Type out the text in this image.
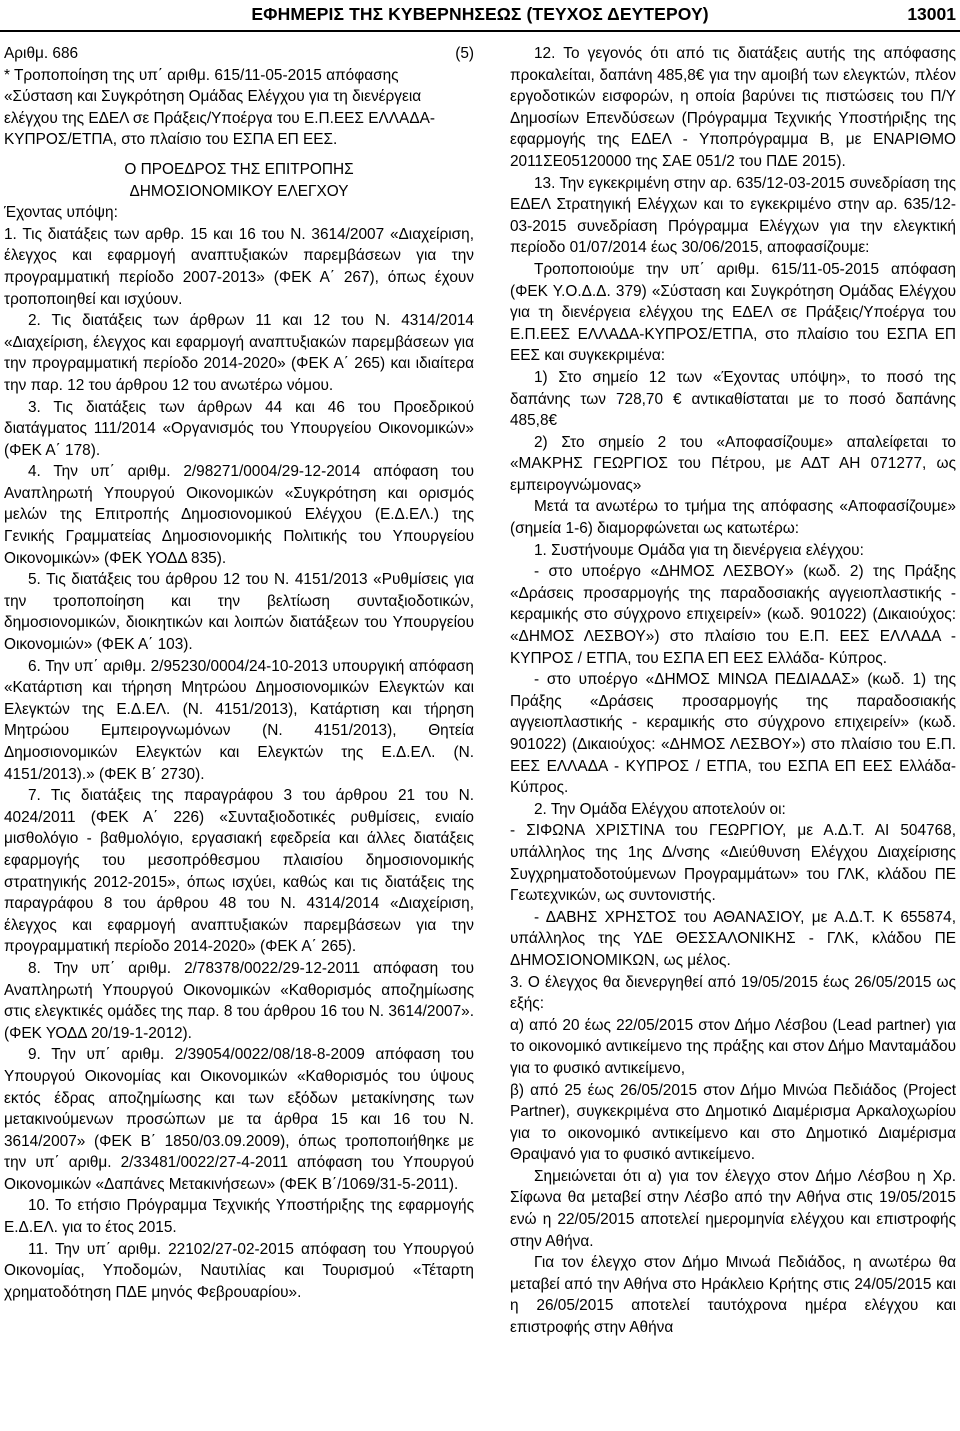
ΕΦΗΜΕΡΙΣ ΤΗΣ ΚΥΒΕΡΝΗΣΕΩΣ (ΤΕΥΧΟΣ ΔΕΥΤΕΡΟΥ)	13001

Αριθμ. 686	(5)

* Τροποποίηση της υπ΄ αριθμ. 615/11-05-2015 απόφασης «Σύσταση και Συγκρότηση Ομάδας Ελέγχου για τη διενέργεια ελέγχου της ΕΔΕΛ σε Πράξεις/Υποέργα του Ε.Π.ΕΕΣ ΕΛΛΑΔΑ-ΚΥΠΡΟΣ/ΕΤΠΑ, στο πλαίσιο του ΕΣΠΑ ΕΠ ΕΕΣ.

Ο ΠΡΟΕΔΡΟΣ ΤΗΣ ΕΠΙΤΡΟΠΗΣ

ΔΗΜΟΣΙΟΝΟΜΙΚΟΥ ΕΛΕΓΧΟΥ

Έχοντας υπόψη:

1. Τις διατάξεις των αρθρ. 15 και 16 του Ν. 3614/2007 «Διαχείριση, έλεγχος και εφαρμογή αναπτυξιακών παρεμβάσεων για την προγραμματική περίοδο 2007-2013» (ΦΕΚ Α΄ 267), όπως έχουν τροποποιηθεί και ισχύουν.

2. Τις διατάξεις των άρθρων 11 και 12 του Ν. 4314/2014 «Διαχείριση, έλεγχος και εφαρμογή αναπτυξιακών παρεμβάσεων για την προγραμματική περίοδο 2014-2020» (ΦΕΚ Α΄ 265) και ιδιαίτερα την παρ. 12 του άρθρου 12 του ανωτέρω νόμου.

3. Τις διατάξεις των άρθρων 44 και 46 του Προεδρικού διατάγματος 111/2014 «Οργανισμός του Υπουργείου Οικονομικών» (ΦΕΚ Α΄ 178).

4. Την υπ΄ αριθμ. 2/98271/0004/29-12-2014 απόφαση του Αναπληρωτή Υπουργού Οικονομικών «Συγκρότηση και ορισμός μελών της Επιτροπής Δημοσιονομικού Ελέγχου (Ε.Δ.ΕΛ.) της Γενικής Γραμματείας Δημοσιονομικής Πολιτικής του Υπουργείου Οικονομικών» (ΦΕΚ ΥΟΔΔ 835).

5. Τις διατάξεις του άρθρου 12 του Ν. 4151/2013 «Ρυθμίσεις για την τροποποίηση και την βελτίωση συνταξιοδοτικών, δημοσιονομικών, διοικητικών και λοιπών διατάξεων του Υπουργείου Οικονομιών» (ΦΕΚ Α΄ 103).

6. Την υπ΄ αριθμ. 2/95230/0004/24-10-2013 υπουργική απόφαση «Κατάρτιση και τήρηση Μητρώου Δημοσιονομικών Ελεγκτών και Ελεγκτών της Ε.Δ.ΕΛ. (Ν. 4151/2013), Κατάρτιση και τήρηση Μητρώου Εμπειρογνωμόνων (Ν. 4151/2013), Θητεία Δημοσιονομικών Ελεγκτών και Ελεγκτών της Ε.Δ.ΕΛ. (Ν. 4151/2013).» (ΦΕΚ Β΄ 2730).

7. Τις διατάξεις της παραγράφου 3 του άρθρου 21 του Ν. 4024/2011 (ΦΕΚ Α΄ 226) «Συνταξιοδοτικές ρυθμίσεις, ενιαίο μισθολόγιο - βαθμολόγιο, εργασιακή εφεδρεία και άλλες διατάξεις εφαρμογής του μεσοπρόθεσμου πλαισίου δημοσιονομικής στρατηγικής 2012-2015», όπως ισχύει, καθώς και τις διατάξεις της παραγράφου 8 του άρθρου 48 του Ν. 4314/2014 «Διαχείριση, έλεγχος και εφαρμογή αναπτυξιακών παρεμβάσεων για την προγραμματική περίοδο 2014-2020» (ΦΕΚ Α΄ 265).

8. Την υπ΄ αριθμ. 2/78378/0022/29-12-2011 απόφαση του Αναπληρωτή Υπουργού Οικονομικών «Καθορισμός αποζημίωσης στις ελεγκτικές ομάδες της παρ. 8 του άρθρου 16 του Ν. 3614/2007». (ΦΕΚ ΥΟΔΔ 20/19-1-2012).

9. Την υπ΄ αριθμ. 2/39054/0022/08/18-8-2009 απόφαση του Υπουργού Οικονομίας και Οικονομικών «Καθορισμός του ύψους εκτός έδρας αποζημίωσης και των εξόδων μετακίνησης των μετακινούμενων προσώπων με τα άρθρα 15 και 16 του Ν. 3614/2007» (ΦΕΚ Β΄ 1850/03.09.2009), όπως τροποποιήθηκε με την υπ΄ αριθμ. 2/33481/0022/27-4-2011 απόφαση του Υπουργού Οικονομικών «Δαπάνες Μετακινήσεων» (ΦΕΚ Β΄/1069/31-5-2011).

10. Το ετήσιο Πρόγραμμα Τεχνικής Υποστήριξης της εφαρμογής Ε.Δ.ΕΛ. για το έτος 2015.

11. Την υπ΄ αριθμ. 22102/27-02-2015 απόφαση του Υπουργού Οικονομίας, Υποδομών, Ναυτιλίας και Τουρισμού «Τέταρτη χρηματοδότηση ΠΔΕ μηνός Φεβρουαρίου».

12. Το γεγονός ότι από τις διατάξεις αυτής της απόφασης προκαλείται, δαπάνη 485,8€ για την αμοιβή των ελεγκτών, πλέον εργοδοτικών εισφορών, η οποία βαρύνει τις πιστώσεις του Π/Υ Δημοσίων Επενδύσεων (Πρόγραμμα Τεχνικής Υποστήριξης της εφαρμογής της ΕΔΕΛ - Υποπρόγραμμα Β, με ΕΝΑΡΙΘΜΟ 2011ΣΕ05120000 της ΣΑΕ 051/2 του ΠΔΕ 2015).

13. Την εγκεκριμένη στην αρ. 635/12-03-2015 συνεδρίαση της ΕΔΕΛ Στρατηγική Ελέγχων και το εγκεκριμένο στην αρ. 635/12-03-2015 συνεδρίαση Πρόγραμμα Ελέγχων για την ελεγκτική περίοδο 01/07/2014 έως 30/06/2015, αποφασίζουμε:

Τροποποιούμε την υπ΄ αριθμ. 615/11-05-2015 απόφαση (ΦΕΚ Υ.Ο.Δ.Δ. 379) «Σύσταση και Συγκρότηση Ομάδας Ελέγχου για τη διενέργεια ελέγχου της ΕΔΕΛ σε Πράξεις/Υποέργα του Ε.Π.ΕΕΣ ΕΛΛΑΔΑ-ΚΥΠΡΟΣ/ΕΤΠΑ, στο πλαίσιο του ΕΣΠΑ ΕΠ ΕΕΣ και συγκεκριμένα:

1) Στο σημείο 12 των «Έχοντας υπόψη», το ποσό της δαπάνης των 728,70 € αντικαθίσταται με το ποσό δαπάνης 485,8€

2) Στο σημείο 2 του «Αποφασίζουμε» απαλείφεται το «ΜΑΚΡΗΣ ΓΕΩΡΓΙΟΣ του Πέτρου, με ΑΔΤ ΑΗ 071277, ως εμπειρογνώμονας»

Μετά τα ανωτέρω το τμήμα της απόφασης «Αποφασίζουμε» (σημεία 1-6) διαμορφώνεται ως κατωτέρω:

1. Συστήνουμε Ομάδα για τη διενέργεια ελέγχου:

- στο υποέργο «ΔΗΜΟΣ ΛΕΣΒΟΥ» (κωδ. 2) της Πράξης «Δράσεις προσαρμογής της παραδοσιακής αγγειοπλαστικής - κεραμικής στο σύγχρονο επιχειρείν» (κωδ. 901022) (Δικαιούχος: «ΔΗΜΟΣ ΛΕΣΒΟΥ») στο πλαίσιο του Ε.Π. ΕΕΣ ΕΛΛΑΔΑ - ΚΥΠΡΟΣ / ΕΤΠΑ, του ΕΣΠΑ ΕΠ ΕΕΣ Ελλάδα- Κύπρος.

- στο υποέργο «ΔΗΜΟΣ ΜΙΝΩΑ ΠΕΔΙΑΔΑΣ» (κωδ. 1) της Πράξης «Δράσεις προσαρμογής της παραδοσιακής αγγειοπλαστικής - κεραμικής στο σύγχρονο επιχειρείν» (κωδ. 901022) (Δικαιούχος: «ΔΗΜΟΣ ΛΕΣΒΟΥ») στο πλαίσιο του Ε.Π. ΕΕΣ ΕΛΛΑΔΑ - ΚΥΠΡΟΣ / ΕΤΠΑ, του ΕΣΠΑ ΕΠ ΕΕΣ Ελλάδα- Κύπρος.

2. Την Ομάδα Ελέγχου αποτελούν οι:

- ΣΙΦΩΝΑ ΧΡΙΣΤΙΝΑ του ΓΕΩΡΓΙΟΥ, με Α.Δ.Τ. ΑΙ 504768, υπάλληλος της 1ης Δ/νσης «Διεύθυνση Ελέγχου Διαχείρισης Συγχρηματοδοτούμενων Προγραμμάτων» του ΓΛΚ, κλάδου ΠΕ Γεωτεχνικών, ως συντονιστής.

- ΔΑΒΗΣ ΧΡΗΣΤΟΣ του ΑΘΑΝΑΣΙΟΥ, με Α.Δ.Τ. Κ 655874, υπάλληλος της ΥΔΕ ΘΕΣΣΑΛΟΝΙΚΗΣ - ΓΛΚ, κλάδου ΠΕ ΔΗΜΟΣΙΟΝΟΜΙΚΩΝ, ως μέλος.

3. Ο έλεγχος θα διενεργηθεί από 19/05/2015 έως 26/05/2015 ως εξής:

α) από 20 έως 22/05/2015 στον Δήμο Λέσβου (Lead partner) για το οικονομικό αντικείμενο της πράξης και στον Δήμο Μανταμάδου για το φυσικό αντικείμενο,

β) από 25 έως 26/05/2015 στον Δήμο Μινώα Πεδιάδος (Project Partner), συγκεκριμένα στο Δημοτικό Διαμέρισμα Αρκαλοχωρίου για το οικονομικό αντικείμενο και στο Δημοτικό Διαμέρισμα Θραψανό για το φυσικό αντικείμενο.

Σημειώνεται ότι α) για τον έλεγχο στον Δήμο Λέσβου η Χρ. Σίφωνα θα μεταβεί στην Λέσβο από την Αθήνα στις 19/05/2015 ενώ η 22/05/2015 αποτελεί ημερομηνία ελέγχου και επιστροφής στην Αθήνα.

Για τον έλεγχο στον Δήμο Μινωά Πεδιάδος, η ανωτέρω θα μεταβεί από την Αθήνα στο Ηράκλειο Κρήτης στις 24/05/2015 και η 26/05/2015 αποτελεί ταυτόχρονα ημέρα ελέγχου και επιστροφής στην Αθήνα
